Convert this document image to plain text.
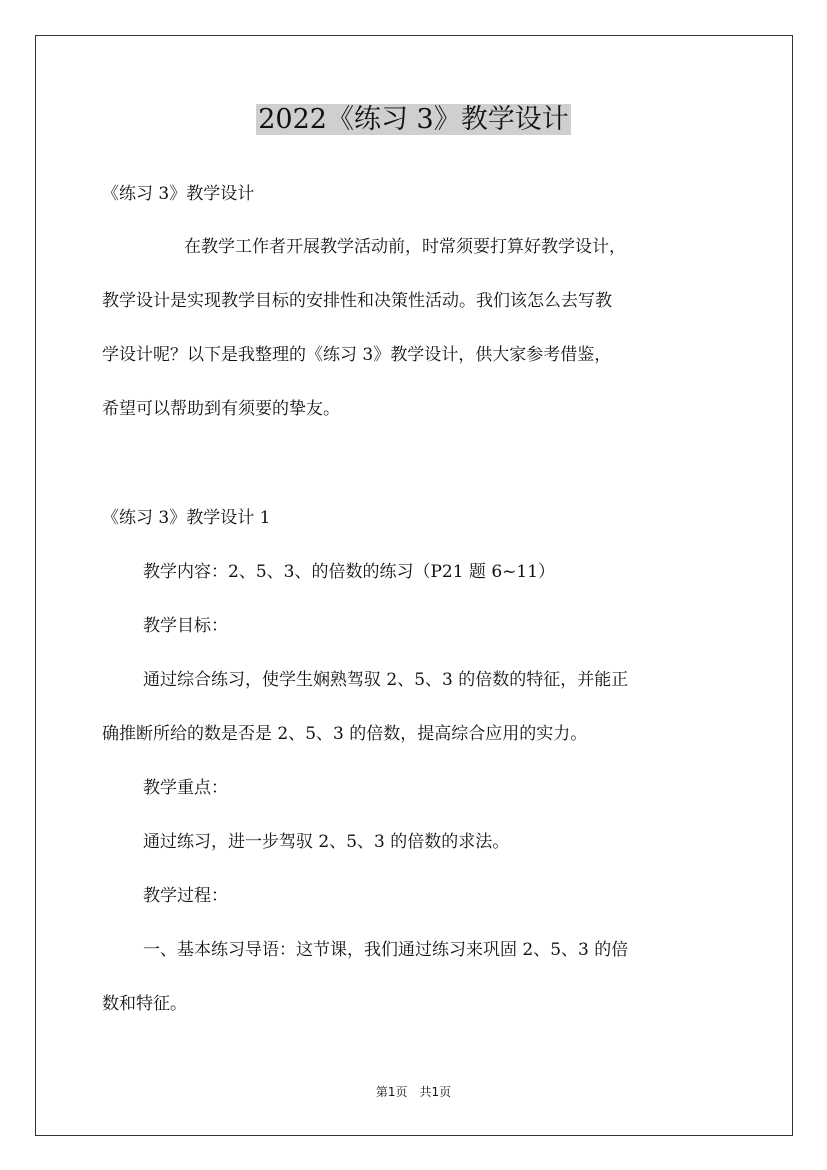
2022《练习 3》教学设计
《练习 3》教学设计
在教学工作者开展教学活动前，时常须要打算好教学设计，
教学设计是实现教学目标的安排性和决策性活动。我们该怎么去写教
学设计呢？以下是我整理的《练习 3》教学设计，供大家参考借鉴，
希望可以帮助到有须要的挚友。
《练习 3》教学设计 1
教学内容：2、5、3、的倍数的练习（P21 题 6~11）
教学目标：
通过综合练习，使学生娴熟驾驭 2、5、3 的倍数的特征，并能正
确推断所给的数是否是 2、5、3 的倍数，提高综合应用的实力。
教学重点：
通过练习，进一步驾驭 2、5、3 的倍数的求法。
教学过程：
一、基本练习导语：这节课，我们通过练习来巩固 2、5、3 的倍
数和特征。
第1页　共1页
